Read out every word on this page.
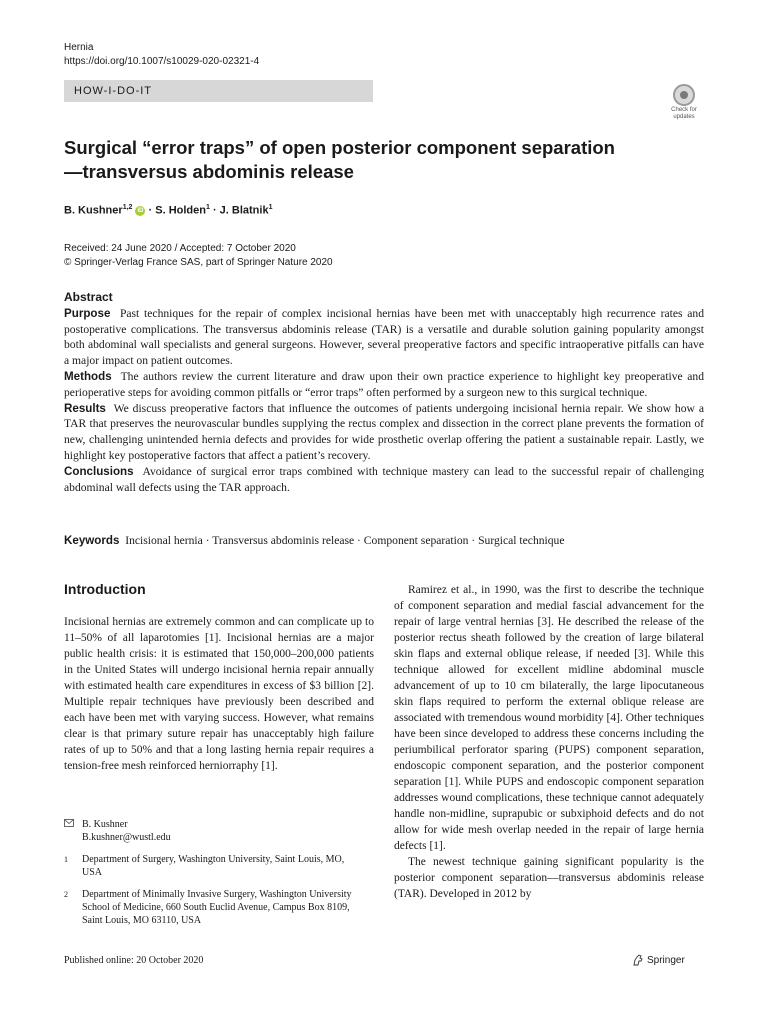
Hernia
https://doi.org/10.1007/s10029-020-02321-4
HOW-I-DO-IT
Check for updates
Surgical “error traps” of open posterior component separation—transversus abdominis release
B. Kushner$^{1,2}$ iD · S. Holden$^1$ · J. Blatnik$^1$
Received: 24 June 2020 / Accepted: 7 October 2020
© Springer-Verlag France SAS, part of Springer Nature 2020
Abstract

Purpose Past techniques for the repair of complex incisional hernias have been met with unacceptably high recurrence rates and postoperative complications. The transversus abdominis release (TAR) is a versatile and durable solution gaining popularity amongst both abdominal wall specialists and general surgeons. However, several preoperative factors and specific intraoperative pitfalls can have a major impact on patient outcomes.

Methods The authors review the current literature and draw upon their own practice experience to highlight key preoperative and perioperative steps for avoiding common pitfalls or “error traps” often performed by a surgeon new to this surgical technique.

Results We discuss preoperative factors that influence the outcomes of patients undergoing incisional hernia repair. We show how a TAR that preserves the neurovascular bundles supplying the rectus complex and dissection in the correct plane prevents the formation of new, challenging unintended hernia defects and provides for wide prosthetic overlap offering the patient a sustainable repair. Lastly, we highlight key postoperative factors that affect a patient’s recovery.

Conclusions Avoidance of surgical error traps combined with technique mastery can lead to the successful repair of challenging abdominal wall defects using the TAR approach.

Keywords Incisional hernia · Transversus abdominis release · Component separation · Surgical technique
Introduction

Incisional hernias are extremely common and can complicate up to 11–50% of all laparotomies [1]. Incisional hernias are a major public health crisis: it is estimated that 150,000–200,000 patients in the United States will undergo incisional hernia repair annually with estimated health care expenditures in excess of $3 billion [2]. Multiple repair techniques have previously been described and each have been met with varying success. However, what remains clear is that primary suture repair has unacceptably high failure rates of up to 50% and that a long lasting hernia repair requires a tension-free mesh reinforced herniorraphy [1].

Ramirez et al., in 1990, was the first to describe the technique of component separation and medial fascial advancement for the repair of large ventral hernias [3]. He described the release of the posterior rectus sheath followed by the creation of large bilateral skin flaps and external oblique release, if needed [3]. While this technique allowed for excellent midline abdominal muscle advancement of up to 10 cm bilaterally, the large lipocutaneous skin flaps required to perform the external oblique release are associated with tremendous wound morbidity [4]. Other techniques have been since developed to address these concerns including the periumbilical perforator sparing (PUPS) component separation, endoscopic component separation, and the posterior component separation [1]. While PUPS and endoscopic component separation addresses wound complications, these technique cannot adequately handle non-midline, suprapubic or subxiphoid defects and do not allow for wide mesh overlap needed in the repair of large hernia defects [1].

The newest technique gaining significant popularity is the posterior component separation—transversus abdominis release (TAR). Developed in 2012 by

B. Kushner
B.kushner@wustl.edu
1	Department of Surgery, Washington University, Saint Louis, MO, USA
2	Department of Minimally Invasive Surgery, Washington University School of Medicine, 660 South Euclid Avenue, Campus Box 8109, Saint Louis, MO 63110, USA
Published online: 20 October 2020	Springer
